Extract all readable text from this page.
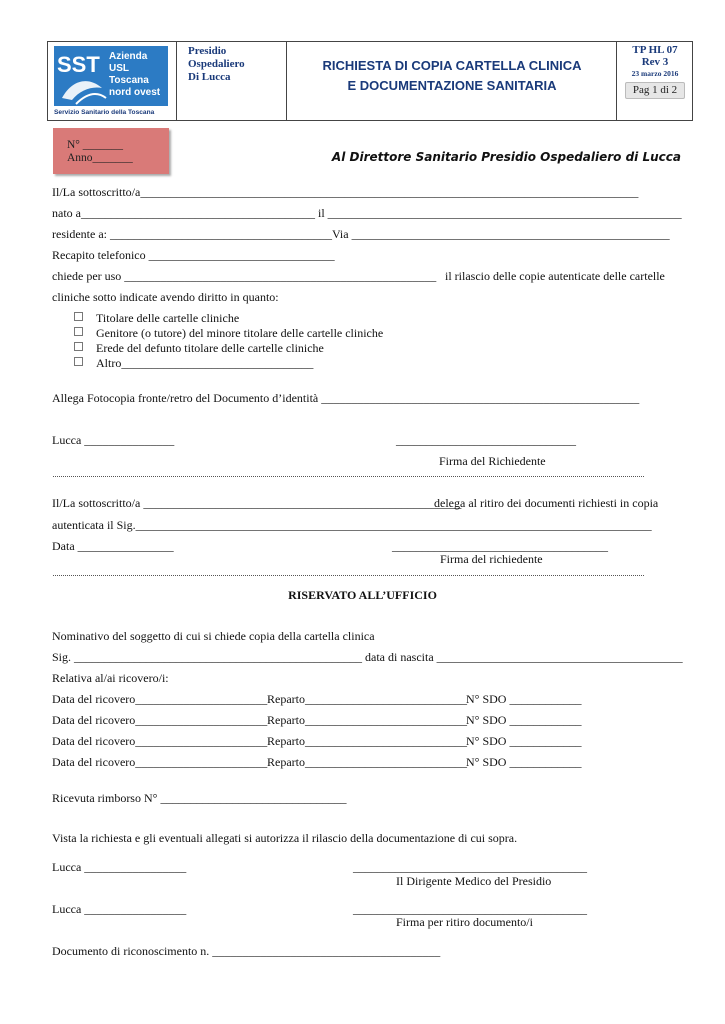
SST Azienda
USL
Toscana
nord ovest
Servizio Sanitario della Toscana
Presidio
Ospedaliero
Di Lucca
RICHIESTA DI COPIA CARTELLA CLINICA
E DOCUMENTAZIONE SANITARIA
TP HL 07
Rev 3
23 marzo 2016
Pag 1 di 2
N° _______
Anno_______	Al Direttore Sanitario Presidio Ospedaliero di Lucca
Il/La sottoscritto/a___________________________________________________________________________________
nato a_______________________________________ il ___________________________________________________________
residente a: _____________________________________Via _____________________________________________________
Recapito telefonico _______________________________
chiede per uso ____________________________________________________ il rilascio delle copie autenticate delle cartelle
cliniche sotto indicate avendo diritto in quanto:
Titolare delle cartelle cliniche
Genitore (o tutore) del minore titolare delle cartelle cliniche
Erede del defunto titolare delle cartelle cliniche
Altro________________________________
Allega Fotocopia fronte/retro del Documento d’identità _____________________________________________________
Lucca _______________	______________________________
Firma del Richiedente
Il/La sottoscritto/a _____________________________________________________
delega al ritiro dei documenti richiesti in copia
autenticata il Sig.______________________________________________________________________________________
Data ________________	____________________________________
Firma del richiedente
RISERVATO ALL’UFFICIO
Nominativo del soggetto di cui si chiede copia della cartella clinica
Sig. ________________________________________________ data di nascita _________________________________________
Relativa al/ai ricovero/i:
Data del ricovero______________________ Reparto___________________________ N° SDO ____________
Data del ricovero______________________ Reparto___________________________ N° SDO ____________
Data del ricovero______________________ Reparto___________________________ N° SDO ____________
Data del ricovero______________________ Reparto___________________________ N° SDO ____________
Ricevuta rimborso N° _______________________________
Vista la richiesta e gli eventuali allegati si autorizza il rilascio della documentazione di cui sopra.
Lucca _________________	_______________________________________
Il Dirigente Medico del Presidio
Lucca _________________	_______________________________________
Firma per ritiro documento/i
Documento di riconoscimento n. ______________________________________
